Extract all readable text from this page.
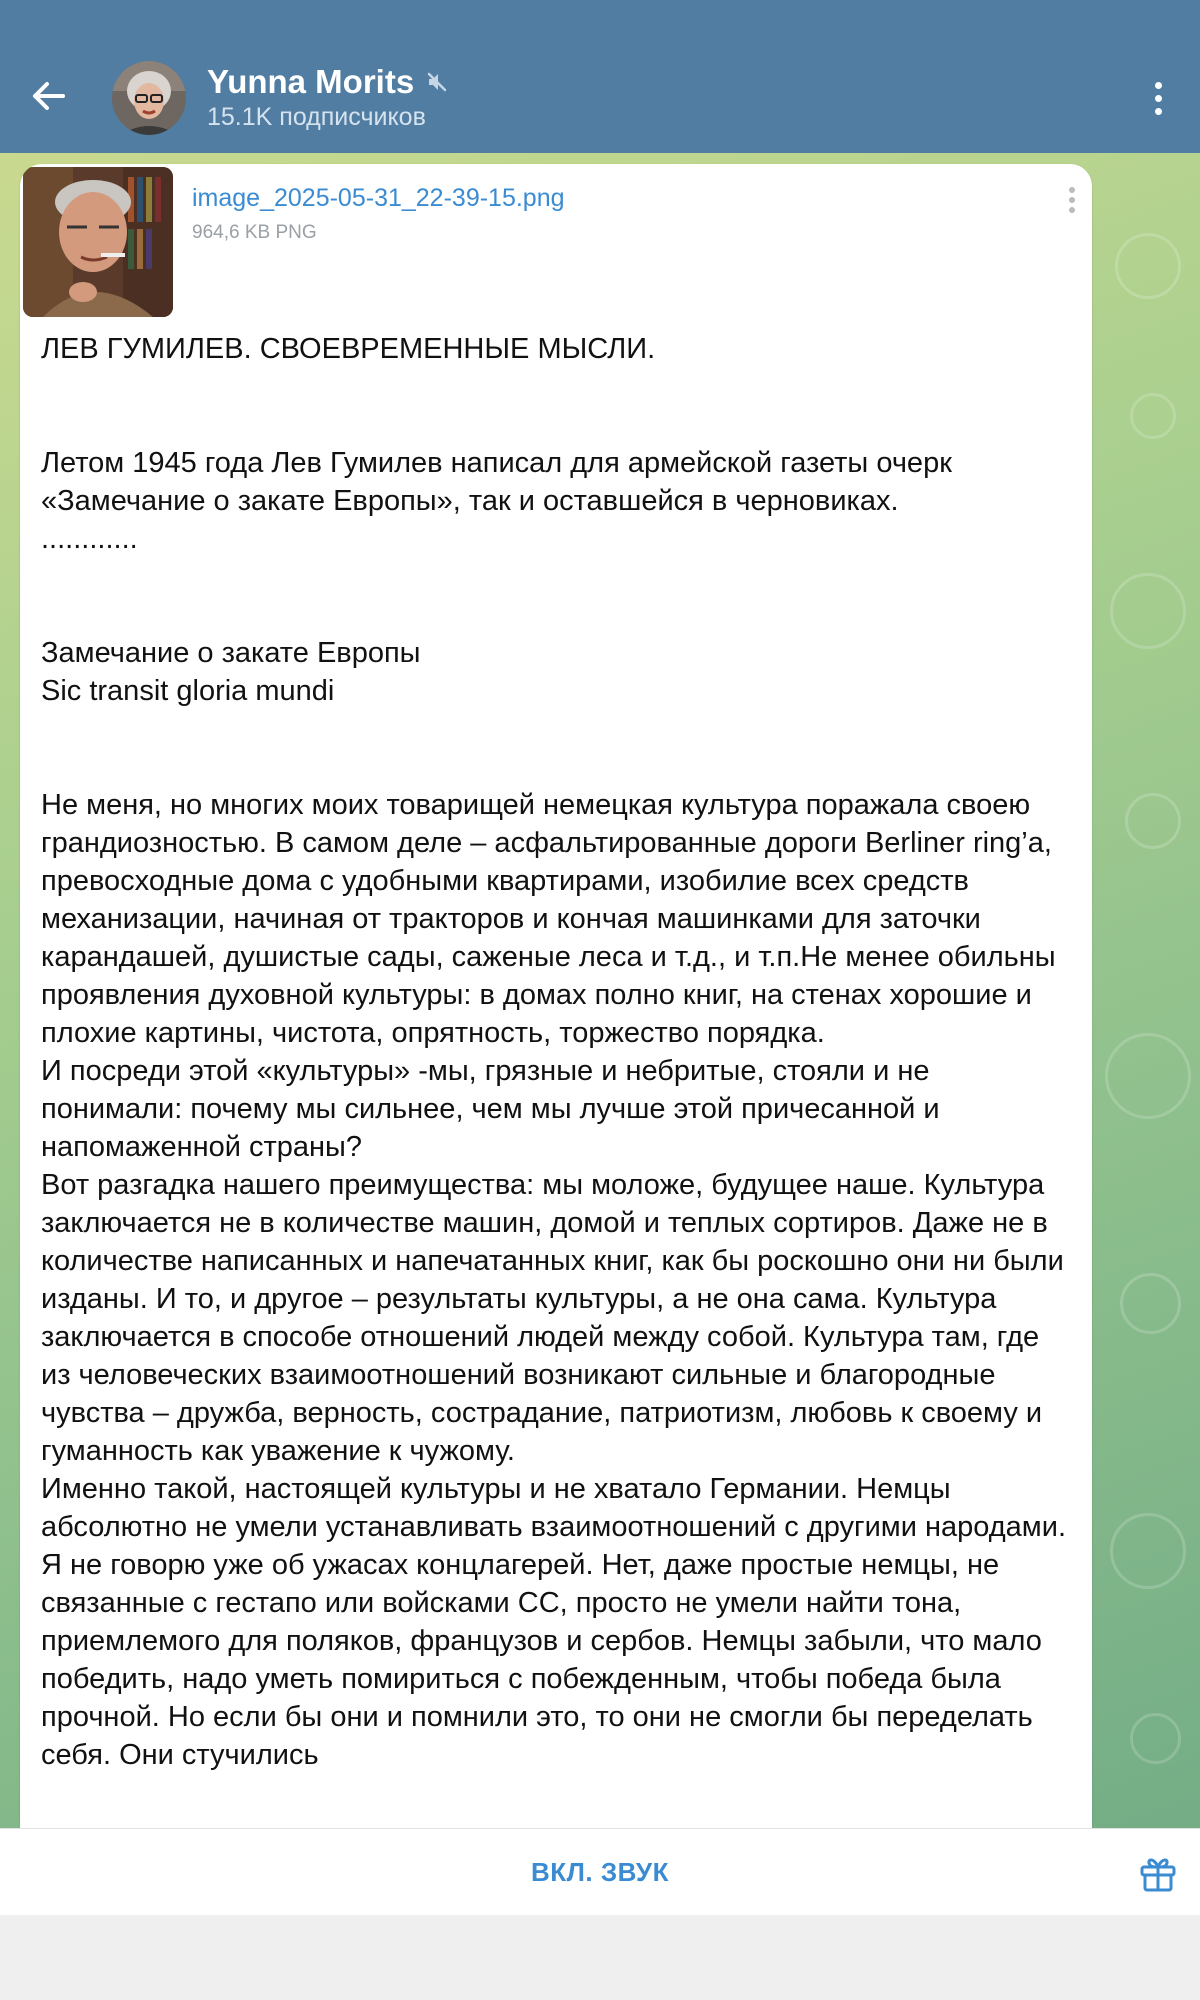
Yunna Morits
15.1K подписчиков
image_2025-05-31_22-39-15.png
964,6 KB PNG

ЛЕВ ГУМИЛЕВ. СВОЕВРЕМЕННЫЕ МЫСЛИ.

Летом 1945 года Лев Гумилев написал для армейской газеты очерк «Замечание о закате Европы», так и оставшейся в черновиках.
............

Замечание о закате Европы
Sic transit gloria mundi

Не меня, но многих моих товарищей немецкая культура поражала своею грандиозностью. В самом деле – асфальтированные дороги Berliner ring’a, превосходные дома с удобными квартирами, изобилие всех средств механизации, начиная от тракторов и кончая машинками для заточки карандашей, душистые сады, саженые леса и т.д., и т.п.Не менее обильны проявления духовной культуры: в домах полно книг, на стенах хорошие и плохие картины, чистота, опрятность, торжество порядка.
И посреди этой «культуры» -мы, грязные и небритые, стояли и не понимали: почему мы сильнее, чем мы лучше этой причесанной и напомаженной страны?
Вот разгадка нашего преимущества: мы моложе, будущее наше. Культура заключается не в количестве машин, домой и теплых сортиров. Даже не в количестве написанных и напечатанных книг, как бы роскошно они ни были изданы. И то, и другое – результаты культуры, а не она сама. Культура заключается в способе отношений людей между собой. Культура там, где из человеческих взаимоотношений возникают сильные и благородные чувства – дружба, верность, сострадание, патриотизм, любовь к своему и гуманность как уважение к чужому.
Именно такой, настоящей культуры и не хватало Германии. Немцы абсолютно не умели устанавливать взаимоотношений с другими народами. Я не говорю уже об ужасах концлагерей. Нет, даже простые немцы, не связанные с гестапо или войсками СС, просто не умели найти тона, приемлемого для поляков, французов и сербов. Немцы забыли, что мало победить, надо уметь помириться с побежденным, чтобы победа была прочной. Но если бы они и помнили это, то они не смогли бы переделать себя. Они стучились

ВКЛ. ЗВУК
